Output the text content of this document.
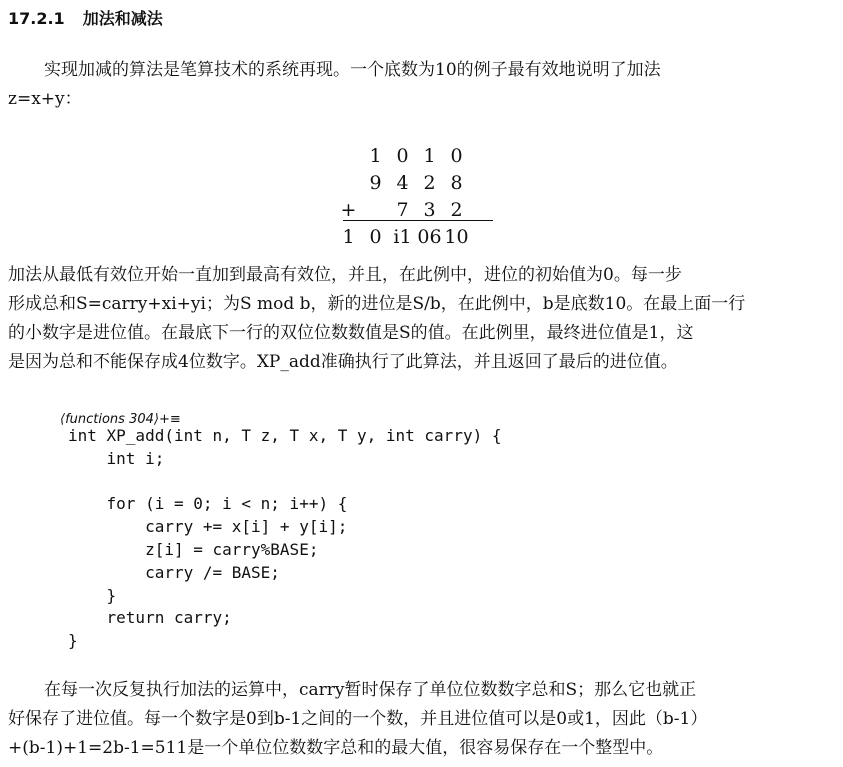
17.2.1 加法和减法
实现加减的算法是笔算技术的系统再现。一个底数为10的例子最有效地说明了加法
z=x+y：
1 0 1 0
9 4 2 8
+	7 3 2
1 0 i1 06 10
加法从最低有效位开始一直加到最高有效位，并且，在此例中，进位的初始值为0。每一步
形成总和S=carry+xi+yi；为S mod b，新的进位是S/b，在此例中，b是底数10。在最上面一行
的小数字是进位值。在最底下一行的双位位数数值是S的值。在此例里，最终进位值是1，这
是因为总和不能保存成4位数字。XP_add准确执行了此算法，并且返回了最后的进位值。
⟨functions 304⟩+≡
int XP_add(int n, T z, T x, T y, int carry) {
int i;

for (i = 0; i < n; i++) {
carry += x[i] + y[i];
z[i] = carry%BASE;
carry /= BASE;
}
return carry;
}
在每一次反复执行加法的运算中，carry暂时保存了单位位数数字总和S；那么它也就正
好保存了进位值。每一个数字是0到b-1之间的一个数，并且进位值可以是0或1，因此（b-1）
+(b-1)+1=2b-1=511是一个单位位数数字总和的最大值，很容易保存在一个整型中。
